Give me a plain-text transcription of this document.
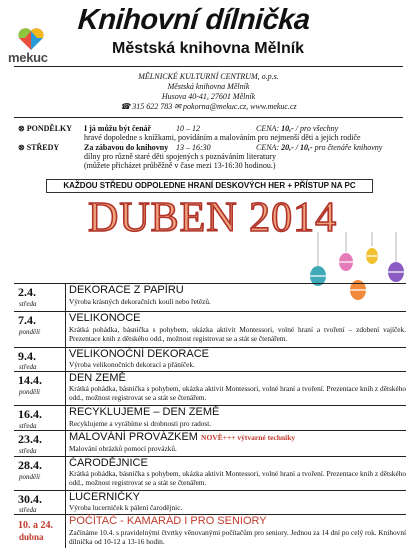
mekuc
Knihovní dílnička
Městská knihovna Mělník
MĚLNICKÉ KULTURNÍ CENTRUM, o.p.s.
Městská knihovna Mělník
Husova 40-41, 27601 Mělník
☎ 315 622 783 ✉ pokorna@mekuc.cz, www.mekuc.cz
⊗ PONDĚLKY I já můžu být čenář	10 – 12	CENA: 10,- / pro všechny
hravé dopoledne s knížkami, povídáním a malováním pro nejmenší děti a jejich rodiče
⊗ STŘEDY	Za zábavou do knihovny 13 – 16:30	CENA: 20,- / 10,- pro čtenáře knihovny
dílny pro různě staré děti spojených s poznáváním literatury
(můžete přicházet průběžně v čase mezi 13-16:30 hodinou.)
KAŽDOU STŘEDU ODPOLEDNE HRANÍ DESKOVÝCH HER + PŘÍSTUP NA PC
DUBEN 2014
2.4.
středa
DEKORACE Z PAPÍRU
Výroba krásných dekoračních koulí nebo řetězů.
7.4.
pondělí
VELIKONOCE
Krátká pohádka, básnička s pohybem, ukázka aktivit Montessori, volné hraní a tvoření – zdobení vajíček. Prezentace knih z dětského odd., možnost registrovat se a stát se čtenářem.
9.4.
středa
VELIKONOČNÍ DEKORACE
Výroba velikonočních dekorací a přáníček.
14.4.
pondělí
DEN ZEMĚ
Krátká pohádka, básnička s pohybem, ukázka aktivit Montessori, volné hraní a tvoření. Prezentace knih z dětského odd., možnost registrovat se a stát se čtenářem.
16.4.
středa
RECYKLUJEME – DEN ZEMĚ
Recyklujeme a vyrábíme si drobnosti pro radost.
23.4.
středa
MALOVÁNÍ PROVÁZKEM NOVĚ+++ výtvarné techniky
Malování obrázků pomocí provázků.
28.4.
pondělí
ČARODĚJNICE
Krátká pohádka, básnička s pohybem, ukázka aktivit Montessori, volné hraní a tvoření. Prezentace knih z dětského odd., možnost registrovat se a stát se čtenářem.
30.4.
středa
LUCERNIČKY
Výroba lucerniček k pálení čarodějnic.
10. a 24.
dubna
POČÍTAČ - KAMARÁD I PRO SENIORY
Začínáme 10.4. s pravidelnými čtvrtky věnovanými počítačům pro seniory. Jednou za 14 dní po celý rok. Knihovní dílnička od 10-12 a 13-16 hodin.
